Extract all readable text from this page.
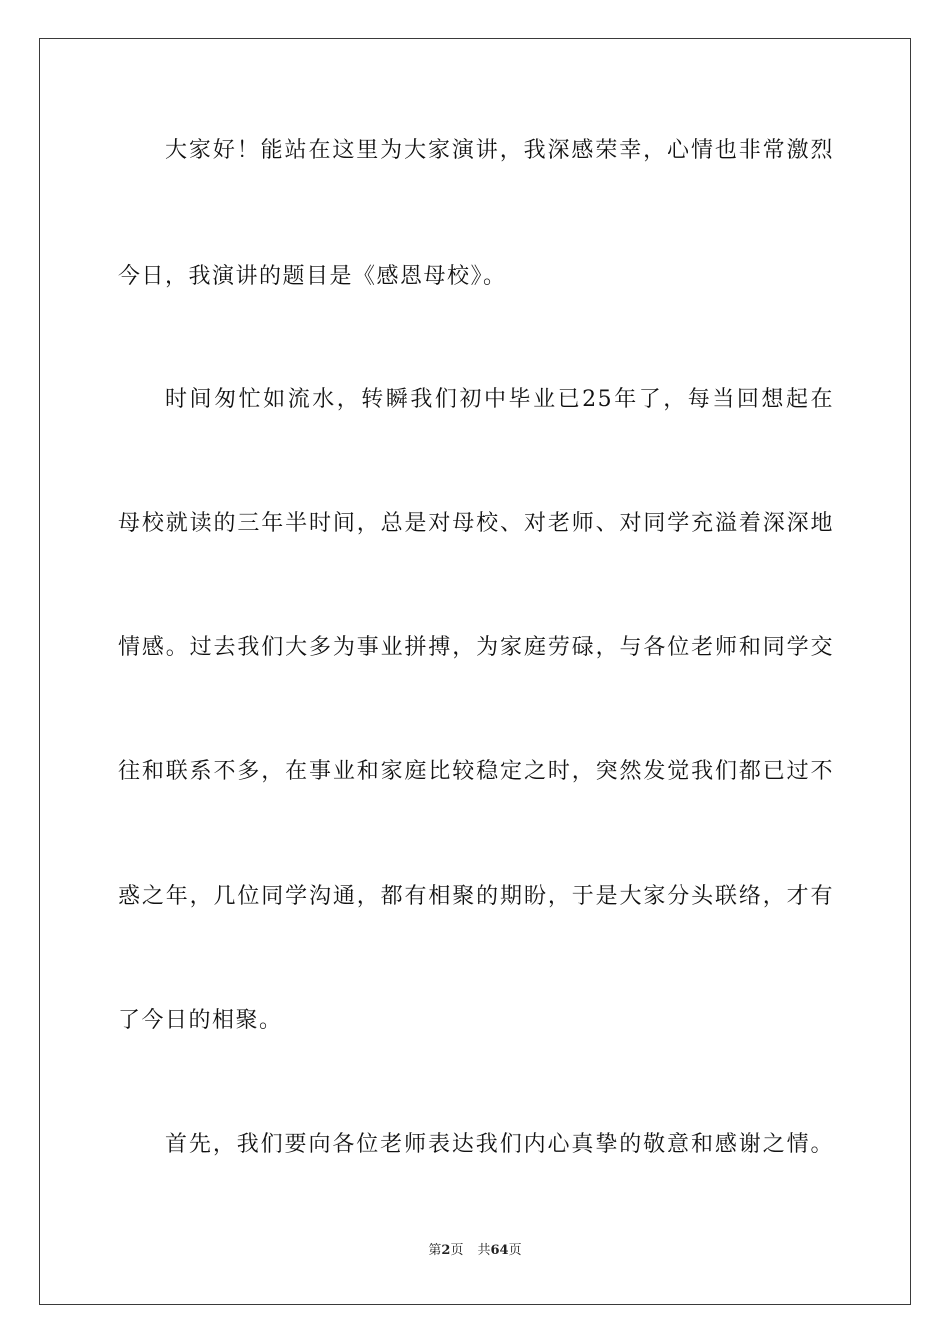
大家好！能站在这里为大家演讲，我深感荣幸，心情也非常激烈
今日，我演讲的题目是《感恩母校》。
时间匆忙如流水，转瞬我们初中毕业已25年了，每当回想起在
母校就读的三年半时间，总是对母校、对老师、对同学充溢着深深地
情感。过去我们大多为事业拼搏，为家庭劳碌，与各位老师和同学交
往和联系不多，在事业和家庭比较稳定之时，突然发觉我们都已过不
惑之年，几位同学沟通，都有相聚的期盼，于是大家分头联络，才有
了今日的相聚。
首先，我们要向各位老师表达我们内心真挚的敬意和感谢之情。
第2页 共64页
